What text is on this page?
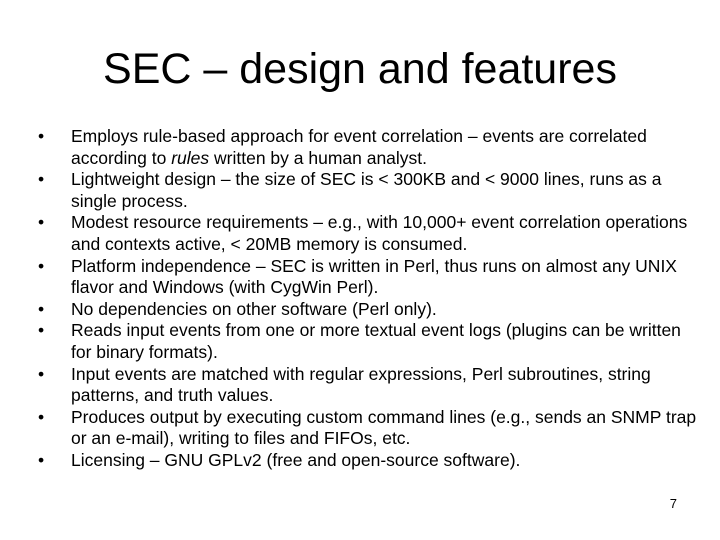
SEC – design and features
•	Employs rule-based approach for event correlation – events are correlated according to rules written by a human analyst.
•	Lightweight design – the size of SEC is < 300KB and < 9000 lines, runs as a single process.
•	Modest resource requirements – e.g., with 10,000+ event correlation operations and contexts active, < 20MB memory is consumed.
•	Platform independence – SEC is written in Perl, thus runs on almost any UNIX flavor and Windows (with CygWin Perl).
•	No dependencies on other software (Perl only).
•	Reads input events from one or more textual event logs (plugins can be written for binary formats).
•	Input events are matched with regular expressions, Perl subroutines, string patterns, and truth values.
•	Produces output by executing custom command lines (e.g., sends an SNMP trap or an e-mail), writing to files and FIFOs, etc.
•	Licensing – GNU GPLv2 (free and open-source software).
7
